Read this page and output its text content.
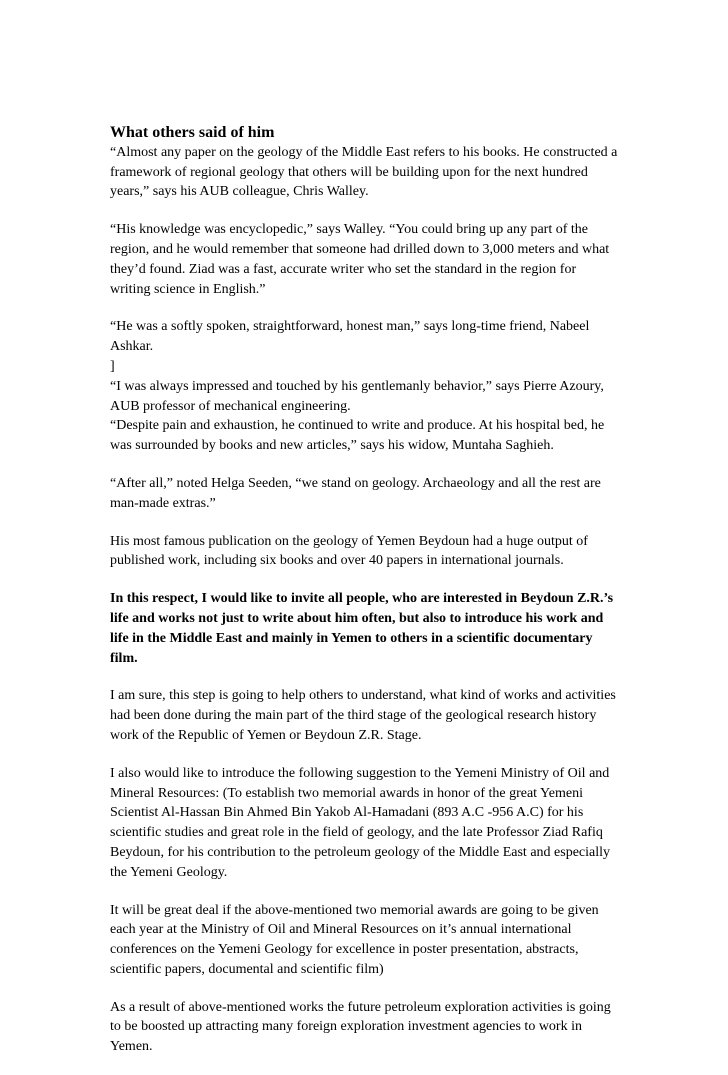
What others said of him

“Almost any paper on the geology of the Middle East refers to his books. He constructed a framework of regional geology that others will be building upon for the next hundred years,” says his AUB colleague, Chris Walley.

“His knowledge was encyclopedic,” says Walley. “You could bring up any part of the region, and he would remember that someone had drilled down to 3,000 meters and what they’d found. Ziad was a fast, accurate writer who set the standard in the region for writing science in English.”

“He was a softly spoken, straightforward, honest man,” says long-time friend, Nabeel Ashkar.

]

“I was always impressed and touched by his gentlemanly behavior,” says Pierre Azoury, AUB professor of mechanical engineering.

“Despite pain and exhaustion, he continued to write and produce. At his hospital bed, he was surrounded by books and new articles,” says his widow, Muntaha Saghieh.

“After all,” noted Helga Seeden, “we stand on geology. Archaeology and all the rest are man-made extras.”

His most famous publication on the geology of Yemen Beydoun had a huge output of published work, including six books and over 40 papers in international journals.

In this respect, I would like to invite all people, who are interested in Beydoun Z.R.’s life and works not just to write about him often, but also to introduce his work and life in the Middle East and mainly in Yemen to others in a scientific documentary film.

I am sure, this step is going to help others to understand, what kind of works and activities had been done during the main part of the third stage of the geological research history work of the Republic of Yemen or Beydoun Z.R. Stage.

I also would like to introduce the following suggestion to the Yemeni Ministry of Oil and Mineral Resources: (To establish two memorial awards in honor of the great Yemeni Scientist Al-Hassan Bin Ahmed Bin Yakob Al-Hamadani (893 A.C -956 A.C) for his scientific studies and great role in the field of geology, and the late Professor Ziad Rafiq Beydoun, for his contribution to the petroleum geology of the Middle East and especially the Yemeni Geology.

It will be great deal if the above-mentioned two memorial awards are going to be given each year at the Ministry of Oil and Mineral Resources on it’s annual international conferences on the Yemeni Geology for excellence in poster presentation, abstracts, scientific papers, documental and scientific film)

As a result of above-mentioned works the future petroleum exploration activities is going to be boosted up attracting many foreign exploration investment agencies to work in Yemen.
